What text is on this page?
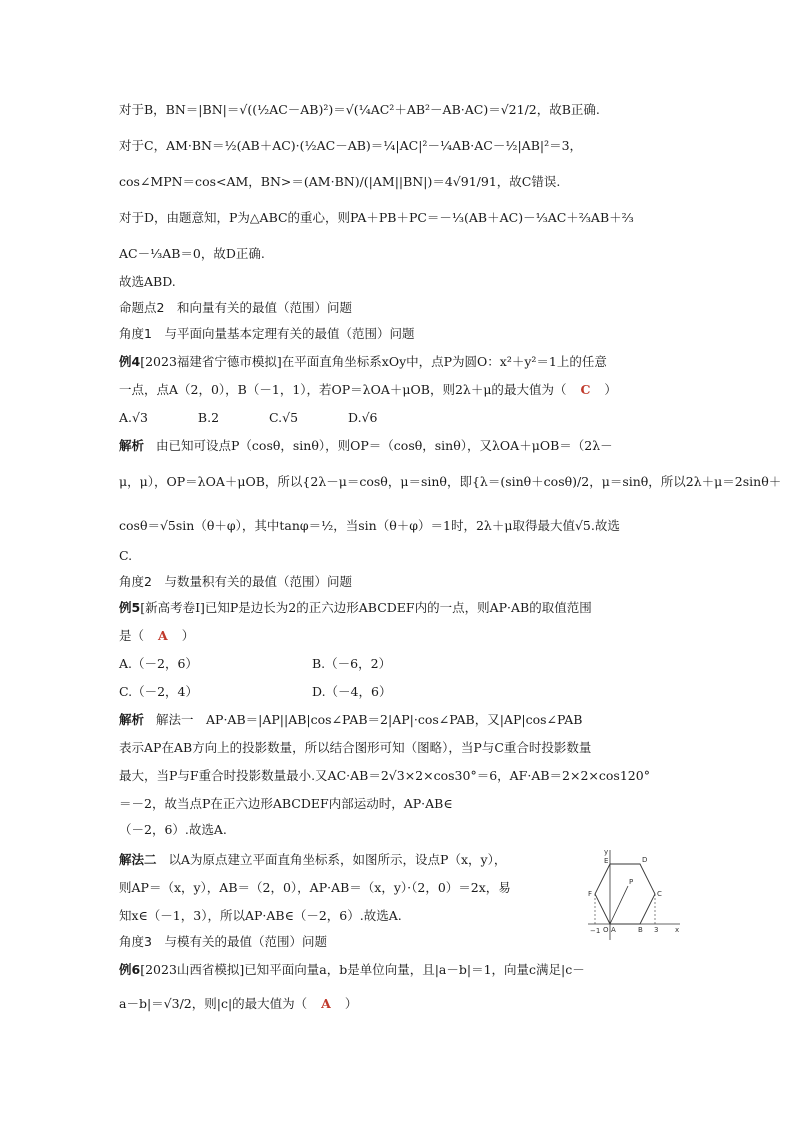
对于B，BN＝|BN|＝√((½AC－AB)²)＝√(¼AC²＋AB²－AB·AC)＝√21/2，故B正确.
对于C，AM·BN＝½(AB＋AC)·(½AC－AB)＝¼|AC|²－¼AB·AC－½|AB|²＝3，
cos∠MPN＝cos<AM，BN>＝(AM·BN)/(|AM||BN|)＝4√91/91，故C错误.
对于D，由题意知，P为△ABC的重心，则PA＋PB＋PC＝－⅓(AB＋AC)－⅓AC＋⅔AB＋⅔
AC－⅓AB＝0，故D正确.
故选ABD.
命题点2　和向量有关的最值（范围）问题
角度1　与平面向量基本定理有关的最值（范围）问题
例4[2023福建省宁德市模拟]在平面直角坐标系xOy中，点P为圆O：x²＋y²＝1上的任意
一点，点A（2，0），B（－1，1），若OP＝λOA＋μOB，则2λ＋μ的最大值为（ C ）
A.√3　　　　B.2　　　　C.√5　　　　D.√6
解析 由已知可设点P（cosθ，sinθ），则OP＝（cosθ，sinθ），又λOA＋μOB＝（2λ－
μ，μ），OP＝λOA＋μOB，所以{2λ－μ＝cosθ，μ＝sinθ，即{λ＝(sinθ＋cosθ)/2，μ＝sinθ，所以2λ＋μ＝2sinθ＋
cosθ＝√5sin（θ＋φ），其中tanφ＝½，当sin（θ＋φ）＝1时，2λ＋μ取得最大值√5.故选
C.
角度2　与数量积有关的最值（范围）问题
例5[新高考卷Ⅰ]已知P是边长为2的正六边形ABCDEF内的一点，则AP·AB的取值范围
是（ A ）
A.（－2，6）	B.（－6，2）
C.（－2，4）	D.（－4，6）
解析 解法一　AP·AB＝|AP||AB|cos∠PAB＝2|AP|·cos∠PAB，又|AP|cos∠PAB
表示AP在AB方向上的投影数量，所以结合图形可知（图略），当P与C重合时投影数量
最大，当P与F重合时投影数量最小.又AC·AB＝2√3×2×cos30°＝6，AF·AB＝2×2×cos120°
＝－2，故当点P在正六边形ABCDEF内部运动时，AP·AB∈
（－2，6）.故选A.
解法二 以A为原点建立平面直角坐标系，如图所示，设点P（x，y），
则AP＝（x，y），AB＝（2，0），AP·AB＝（x，y）·（2，0）＝2x，易
知x∈（－1，3），所以AP·AB∈（－2，6）.故选A.
角度3　与模有关的最值（范围）问题
例6[2023山西省模拟]已知平面向量a，b是单位向量，且|a－b|＝1，向量c满足|c－
a－b|＝√3/2，则|c|的最大值为（ A ）
y
E	D
F
P
C
−1 O A	B 3 x
